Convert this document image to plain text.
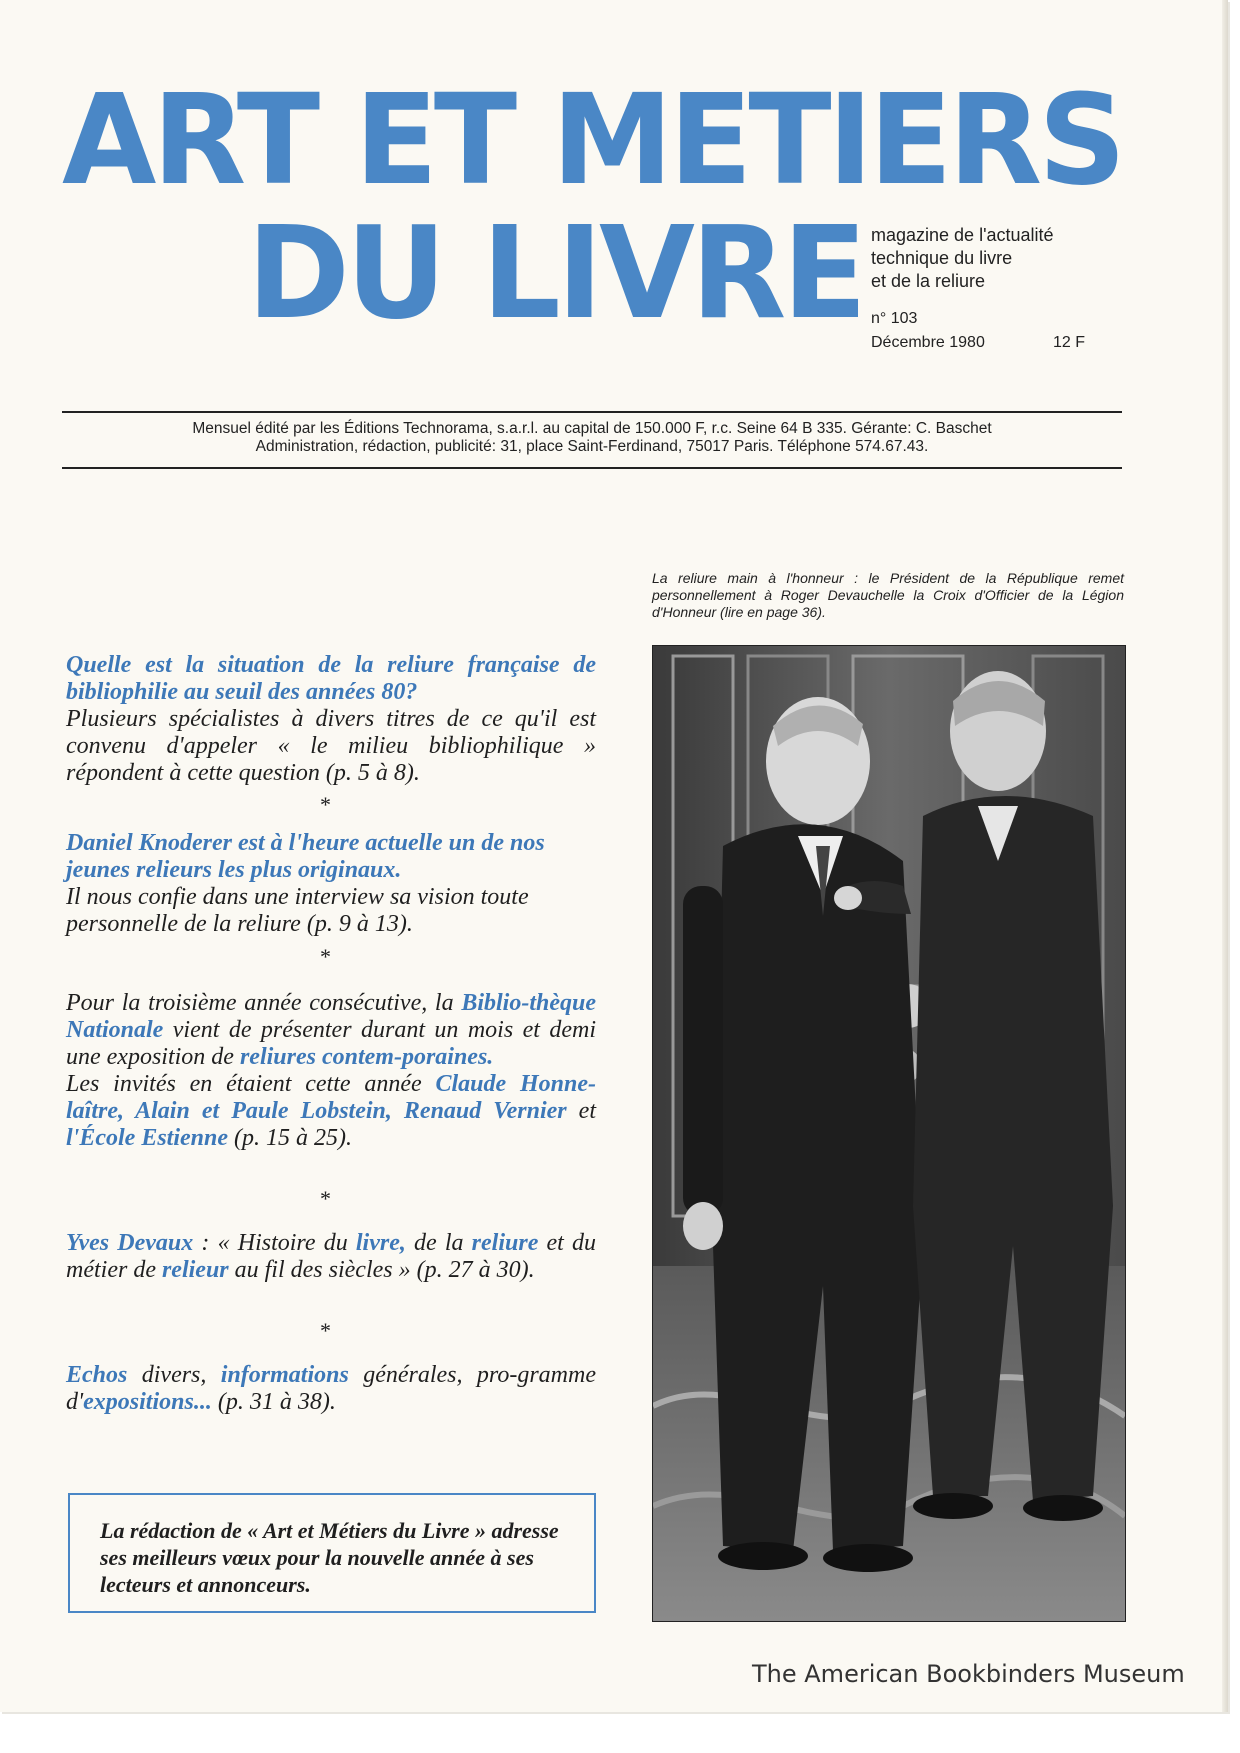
ART ET METIERS
DU LIVRE magazine de l'actualité
technique du livre
et de la reliure
n° 103
Décembre 1980	12 F
Mensuel édité par les Éditions Technorama, s.a.r.l. au capital de 150.000 F, r.c. Seine 64 B 335. Gérante: C. Baschet
Administration, rédaction, publicité: 31, place Saint-Ferdinand, 75017 Paris. Téléphone 574.67.43.
La reliure main à l'honneur : le Président de la République remet personnellement à Roger Devauchelle la Croix d'Officier de la Légion d'Honneur (lire en page 36).
Quelle est la situation de la reliure française de bibliophilie au seuil des années 80?
Plusieurs spécialistes à divers titres de ce qu'il est convenu d'appeler « le milieu bibliophilique » répondent à cette question (p. 5 à 8).
*
Daniel Knoderer est à l'heure actuelle un de nos jeunes relieurs les plus originaux.
Il nous confie dans une interview sa vision toute personnelle de la reliure (p. 9 à 13).
*
Pour la troisième année consécutive, la Biblio-thèque Nationale vient de présenter durant un mois et demi une exposition de reliures contem-poraines.
Les invités en étaient cette année Claude Honne-laître, Alain et Paule Lobstein, Renaud Vernier et l'École Estienne (p. 15 à 25).
*
Yves Devaux : « Histoire du livre, de la reliure et du métier de relieur au fil des siècles » (p. 27 à 30).
*
Echos divers, informations générales, pro-gramme d'expositions... (p. 31 à 38).
La rédaction de « Art et Métiers du Livre » adresse ses meilleurs vœux pour la nouvelle année à ses lecteurs et annonceurs.
The American Bookbinders Museum
